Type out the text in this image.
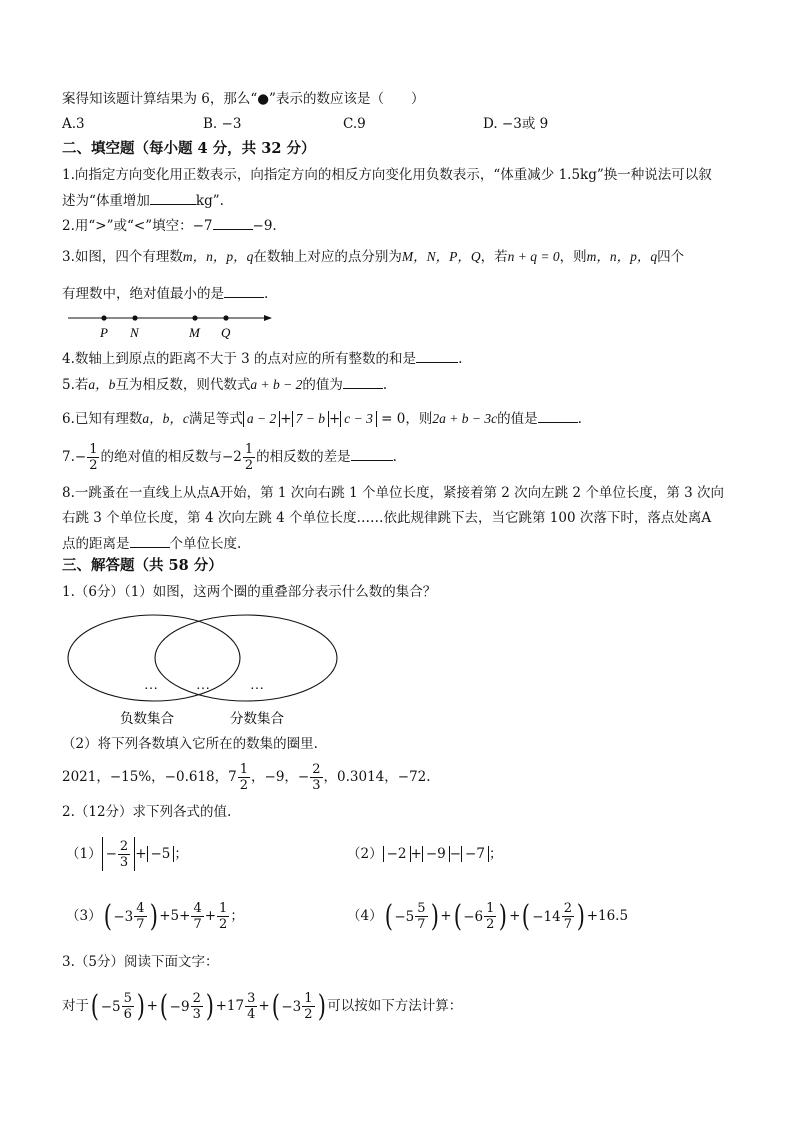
案得知该题计算结果为 6，那么“●”表示的数应该是（　　）
A.3	B. −3	C.9	D. −3或 9
二、填空题（每小题 4 分，共 32 分）
1.向指定方向变化用正数表示，向指定方向的相反方向变化用负数表示，“体重减少 1.5kg”换一种说法可以叙
述为“体重增加	kg”.
2.用“>”或“<”填空：−7	−9.
3.如图，四个有理数m，n，p，q在数轴上对应的点分别为M，N，P，Q，若n + q = 0，则m，n，p，q四个
有理数中，绝对值最小的是	.
P N	M Q
4.数轴上到原点的距离不大于 3 的点对应的所有整数的和是	.
5.若a，b互为相反数，则代数式a + b − 2的值为	.
6.已知有理数a，b，c满足等式 a − 2 + 7 − b + c − 3 = 0，则2a + b − 3c的值是	.
$7.- \frac{1}{2}$ 的绝对值的相反数与$-2 \frac{1}{2}$ 的相反数的差是	.
8.一跳蚤在一直线上从点A开始，第 1 次向右跳 1 个单位长度，紧接着第 2 次向左跳 2 个单位长度，第 3 次向
右跳 3 个单位长度，第 4 次向左跳 4 个单位长度……依此规律跳下去，当它跳第 100 次落下时，落点处离A
点的距离是	个单位长度.
三、解答题（共 58 分）
1.（6分）（1）如图，这两个圈的重叠部分表示什么数的集合？
…	…	…
负数集合	分数集合
（2）将下列各数填入它所在的数集的圈里.
2021，−15%，−0.618，$7 \frac{1}{2}$ ，−9，− $\frac{2}{3}$ ，0.3014，−72.
2.（12分）求下列各式的值.
$(1) - \frac{2}{3} + -5$ ；	（2） −2 + −9 − −7 ；
（3） ( $-3 \frac{4}{7}$ ) $+5+ \frac{4}{7} + \frac{1}{2}$ ；	（4） ( $-5 \frac{5}{7}$ ) + ( $-6 \frac{1}{2}$ ) + ( $-14 \frac{2}{7}$ ) +16.5
3.（5分）阅读下面文字：
对于 ( $-5 \frac{5}{6}$ ) + ( $-9 \frac{2}{3}$ ) $+17 \frac{3}{4}$ + ( $-3 \frac{1}{2}$ ) 可以按如下方法计算：
